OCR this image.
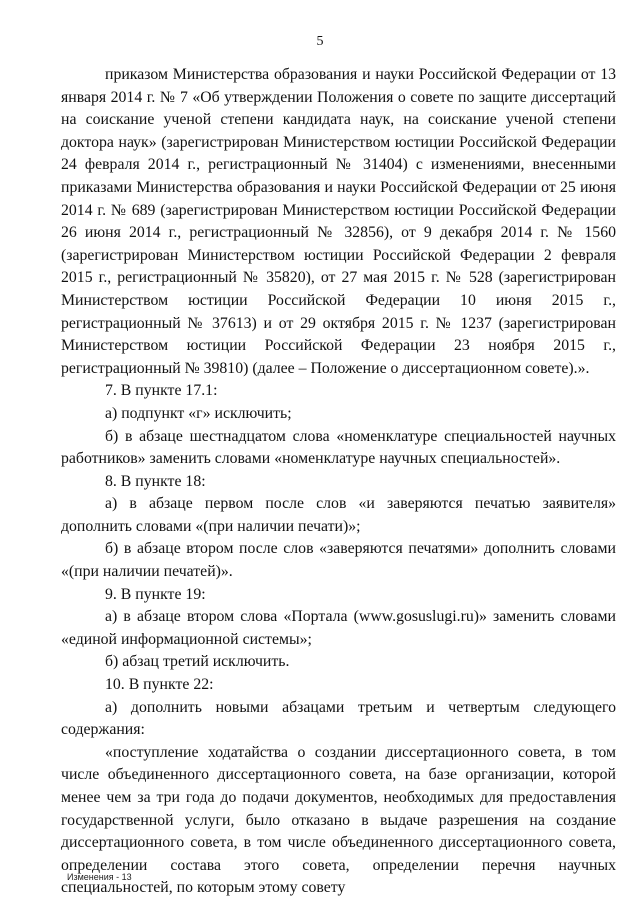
5

приказом Министерства образования и науки Российской Федерации от 13 января 2014 г. № 7 «Об утверждении Положения о совете по защите диссертаций на соискание ученой степени кандидата наук, на соискание ученой степени доктора наук» (зарегистрирован Министерством юстиции Российской Федерации 24 февраля 2014 г., регистрационный № 31404) с изменениями, внесенными приказами Министерства образования и науки Российской Федерации от 25 июня 2014 г. № 689 (зарегистрирован Министерством юстиции Российской Федерации 26 июня 2014 г., регистрационный № 32856), от 9 декабря 2014 г. № 1560 (зарегистрирован Министерством юстиции Российской Федерации 2 февраля 2015 г., регистрационный № 35820), от 27 мая 2015 г. № 528 (зарегистрирован Министерством юстиции Российской Федерации 10 июня 2015 г., регистрационный № 37613) и от 29 октября 2015 г. № 1237 (зарегистрирован Министерством юстиции Российской Федерации 23 ноября 2015 г., регистрационный № 39810) (далее – Положение о диссертационном совете).».

7. В пункте 17.1:

а) подпункт «г» исключить;

б) в абзаце шестнадцатом слова «номенклатуре специальностей научных работников» заменить словами «номенклатуре научных специальностей».

8. В пункте 18:

а) в абзаце первом после слов «и заверяются печатью заявителя» дополнить словами «(при наличии печати)»;

б) в абзаце втором после слов «заверяются печатями» дополнить словами «(при наличии печатей)».

9. В пункте 19:

а) в абзаце втором слова «Портала (www.gosuslugi.ru)» заменить словами «единой информационной системы»;

б) абзац третий исключить.

10. В пункте 22:

а) дополнить новыми абзацами третьим и четвертым следующего содержания:

«поступление ходатайства о создании диссертационного совета, в том числе объединенного диссертационного совета, на базе организации, которой менее чем за три года до подачи документов, необходимых для предоставления государственной услуги, было отказано в выдаче разрешения на создание диссертационного совета, в том числе объединенного диссертационного совета, определении состава этого совета, определении перечня научных специальностей, по которым этому совету

Изменения - 13
